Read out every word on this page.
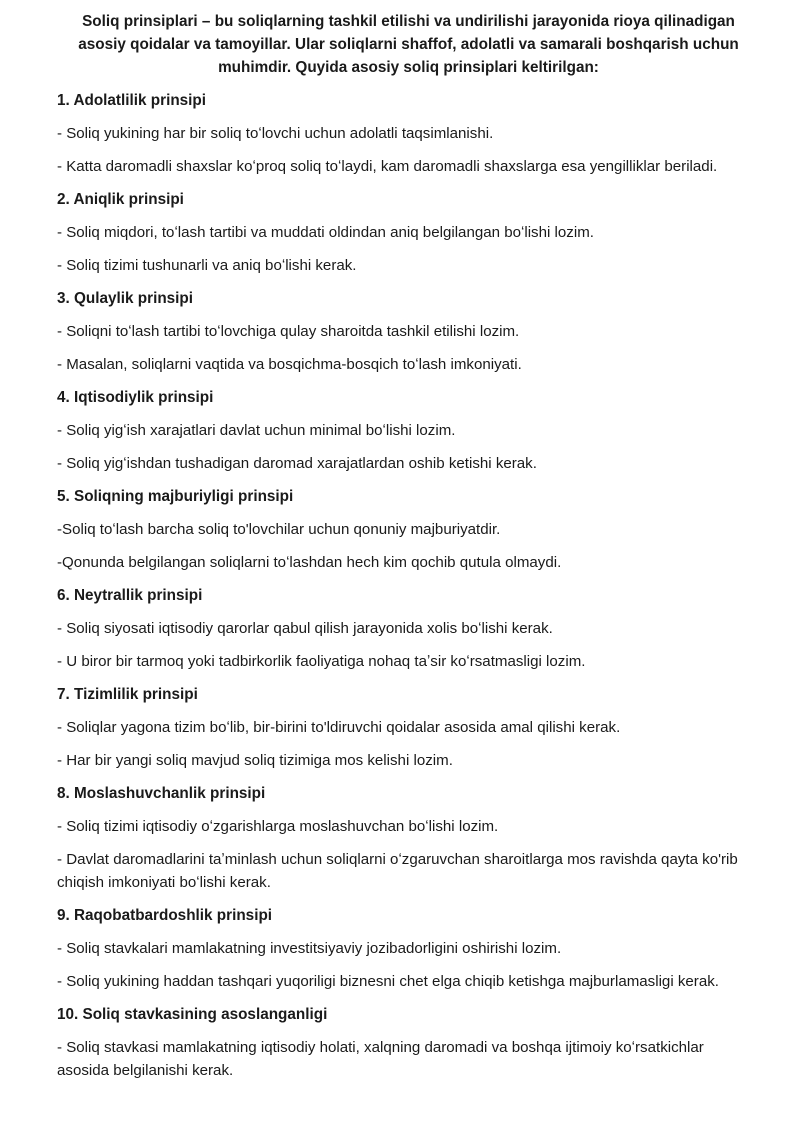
Soliq prinsiplari – bu soliqlarning tashkil etilishi va undirilishi jarayonida rioya qilinadigan asosiy qoidalar va tamoyillar. Ular soliqlarni shaffof, adolatli va samarali boshqarish uchun muhimdir. Quyida asosiy soliq prinsiplari keltirilgan:

1. Adolatlilik prinsipi

- Soliq yukining har bir soliq toʻlovchi uchun adolatli taqsimlanishi.

- Katta daromadli shaxslar koʻproq soliq toʻlaydi, kam daromadli shaxslarga esa yengilliklar beriladi.

2. Aniqlik prinsipi

- Soliq miqdori, toʻlash tartibi va muddati oldindan aniq belgilangan boʻlishi lozim.

- Soliq tizimi tushunarli va aniq boʻlishi kerak.

3. Qulaylik prinsipi

- Soliqni toʻlash tartibi toʻlovchiga qulay sharoitda tashkil etilishi lozim.

- Masalan, soliqlarni vaqtida va bosqichma-bosqich toʻlash imkoniyati.

4. Iqtisodiylik prinsipi

- Soliq yigʻish xarajatlari davlat uchun minimal boʻlishi lozim.

- Soliq yigʻishdan tushadigan daromad xarajatlardan oshib ketishi kerak.

5. Soliqning majburiyligi prinsipi

-Soliq toʻlash barcha soliq to'lovchilar uchun qonuniy majburiyatdir.

-Qonunda belgilangan soliqlarni toʻlashdan hech kim qochib qutula olmaydi.

6. Neytrallik prinsipi

- Soliq siyosati iqtisodiy qarorlar qabul qilish jarayonida xolis boʻlishi kerak.

- U biror bir tarmoq yoki tadbirkorlik faoliyatiga nohaq taʼsir koʻrsatmasligi lozim.

7. Tizimlilik prinsipi

- Soliqlar yagona tizim boʻlib, bir-birini to'ldiruvchi qoidalar asosida amal qilishi kerak.

- Har bir yangi soliq mavjud soliq tizimiga mos kelishi lozim.

8. Moslashuvchanlik prinsipi

- Soliq tizimi iqtisodiy oʻzgarishlarga moslashuvchan boʻlishi lozim.

- Davlat daromadlarini taʼminlash uchun soliqlarni oʻzgaruvchan sharoitlarga mos ravishda qayta ko'rib chiqish imkoniyati boʻlishi kerak.

9. Raqobatbardoshlik prinsipi

- Soliq stavkalari mamlakatning investitsiyaviy jozibadorligini oshirishi lozim.

- Soliq yukining haddan tashqari yuqoriligi biznesni chet elga chiqib ketishga majburlamasligi kerak.

10. Soliq stavkasining asoslanganligi

- Soliq stavkasi mamlakatning iqtisodiy holati, xalqning daromadi va boshqa ijtimoiy koʻrsatkichlar asosida belgilanishi kerak.
